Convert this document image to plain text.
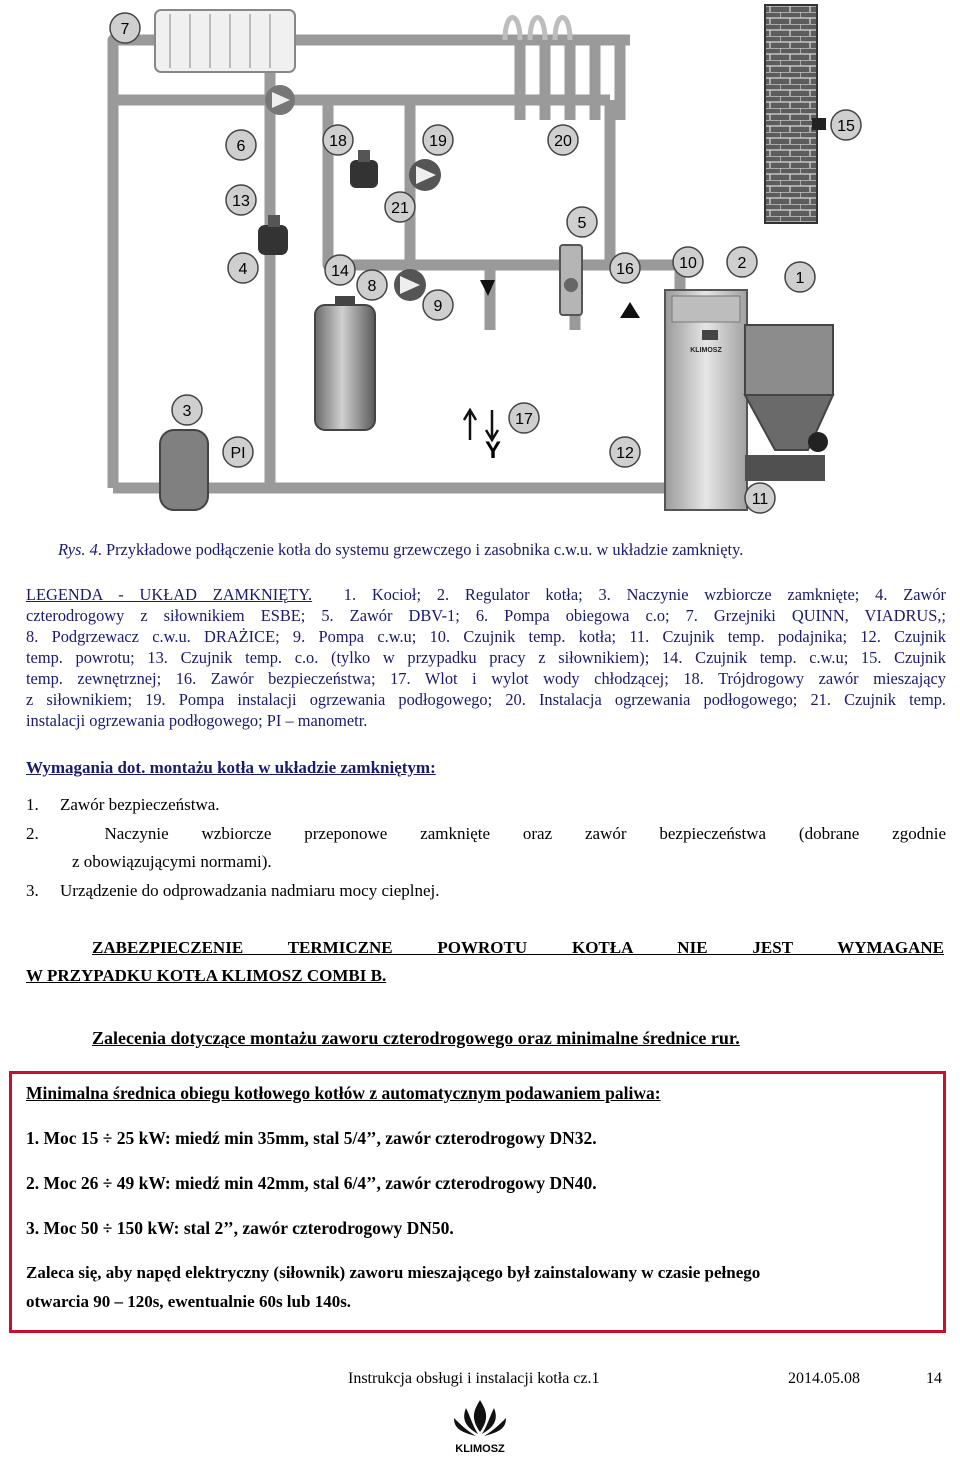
KLIMOSZ
7
6	18	19	20
13	21
5
4	14
8
9
16	10	2
1
15
3
PI
17
12
11
Y
Rys. 4. Przykładowe podłączenie kotła do systemu grzewczego i zasobnika c.w.u. w układzie zamknięty.
LEGENDA - UKŁAD ZAMKNIĘTY. 1. Kocioł; 2. Regulator kotła; 3. Naczynie wzbiorcze zamknięte; 4. Zawór
czterodrogowy z siłownikiem ESBE; 5. Zawór DBV-1; 6. Pompa obiegowa c.o; 7. Grzejniki QUINN, VIADRUS,;
8. Podgrzewacz c.w.u. DRAŻICE; 9. Pompa c.w.u; 10. Czujnik temp. kotła; 11. Czujnik temp. podajnika; 12. Czujnik
temp. powrotu; 13. Czujnik temp. c.o. (tylko w przypadku pracy z siłownikiem); 14. Czujnik temp. c.w.u; 15. Czujnik
temp. zewnętrznej; 16. Zawór bezpieczeństwa; 17. Wlot i wylot wody chłodzącej; 18. Trójdrogowy zawór mieszający
z siłownikiem; 19. Pompa instalacji ogrzewania podłogowego; 20. Instalacja ogrzewania podłogowego; 21. Czujnik temp.
instalacji ogrzewania podłogowego; PI – manometr.
Wymagania dot. montażu kotła w układzie zamkniętym:
1. Zawór bezpieczeństwa.
2.	Naczynie wzbiorcze przeponowe zamknięte oraz zawór bezpieczeństwa (dobrane zgodnie
z obowiązującymi normami).
3. Urządzenie do odprowadzania nadmiaru mocy cieplnej.
ZABEZPIECZENIE TERMICZNE POWROTU KOTŁA NIE JEST WYMAGANE
W PRZYPADKU KOTŁA KLIMOSZ COMBI B.
Zalecenia dotyczące montażu zaworu czterodrogowego oraz minimalne średnice rur.
Minimalna średnica obiegu kotłowego kotłów z automatycznym podawaniem paliwa:
1. Moc 15 ÷ 25 kW: miedź min 35mm, stal 5/4’’, zawór czterodrogowy DN32.
2. Moc 26 ÷ 49 kW: miedź min 42mm, stal 6/4’’, zawór czterodrogowy DN40.
3. Moc 50 ÷ 150 kW: stal 2’’, zawór czterodrogowy DN50.
Zaleca się, aby napęd elektryczny (siłownik) zaworu mieszającego był zainstalowany w czasie pełnego
otwarcia 90 – 120s, ewentualnie 60s lub 140s.
Instrukcja obsługi i instalacji kotła cz.1	2014.05.08	14
KLIMOSZ
